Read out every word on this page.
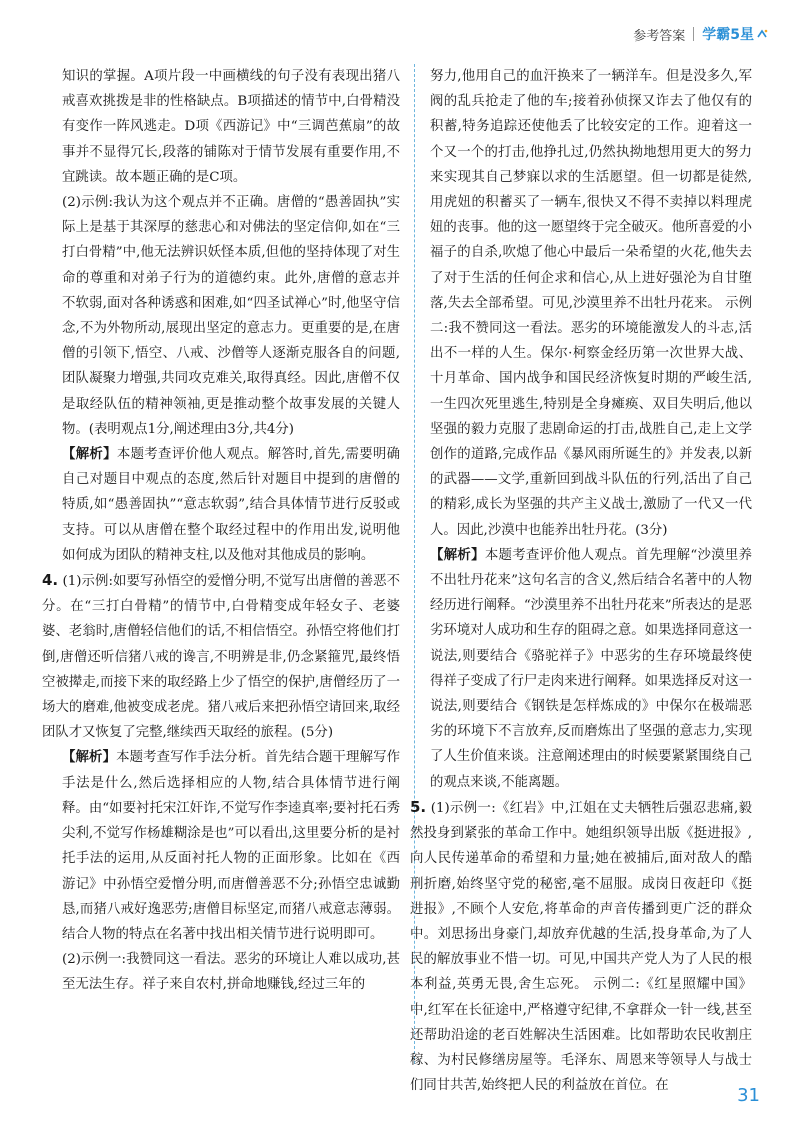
参考答案 学霸5星

知识的掌握。A项片段一中画横线的句子没有表现出猪八戒喜欢挑拨是非的性格缺点。B项描述的情节中,白骨精没有变作一阵风逃走。D项《西游记》中“三调芭蕉扇”的故事并不显得冗长,段落的铺陈对于情节发展有重要作用,不宜跳读。故本题正确的是C项。

(2)示例:我认为这个观点并不正确。唐僧的“愚善固执”实际上是基于其深厚的慈悲心和对佛法的坚定信仰,如在“三打白骨精”中,他无法辨识妖怪本质,但他的坚持体现了对生命的尊重和对弟子行为的道德约束。此外,唐僧的意志并不软弱,面对各种诱惑和困难,如“四圣试禅心”时,他坚守信念,不为外物所动,展现出坚定的意志力。更重要的是,在唐僧的引领下,悟空、八戒、沙僧等人逐渐克服各自的问题,团队凝聚力增强,共同攻克难关,取得真经。因此,唐僧不仅是取经队伍的精神领袖,更是推动整个故事发展的关键人物。(表明观点1分,阐述理由3分,共4分)

【解析】本题考查评价他人观点。解答时,首先,需要明确自己对题目中观点的态度,然后针对题目中提到的唐僧的特质,如“愚善固执”“意志软弱”,结合具体情节进行反驳或支持。可以从唐僧在整个取经过程中的作用出发,说明他如何成为团队的精神支柱,以及他对其他成员的影响。

4. (1)示例:如要写孙悟空的爱憎分明,不觉写出唐僧的善恶不分。在“三打白骨精”的情节中,白骨精变成年轻女子、老婆婆、老翁时,唐僧轻信他们的话,不相信悟空。孙悟空将他们打倒,唐僧还听信猪八戒的谗言,不明辨是非,仍念紧箍咒,最终悟空被撵走,而接下来的取经路上少了悟空的保护,唐僧经历了一场大的磨难,他被变成老虎。猪八戒后来把孙悟空请回来,取经团队才又恢复了完整,继续西天取经的旅程。(5分)

【解析】本题考查写作手法分析。首先结合题干理解写作手法是什么,然后选择相应的人物,结合具体情节进行阐释。由“如要衬托宋江奸诈,不觉写作李逵真率;要衬托石秀尖利,不觉写作杨雄糊涂是也”可以看出,这里要分析的是衬托手法的运用,从反面衬托人物的正面形象。比如在《西游记》中孙悟空爱憎分明,而唐僧善恶不分;孙悟空忠诚勤恳,而猪八戒好逸恶劳;唐僧目标坚定,而猪八戒意志薄弱。结合人物的特点在名著中找出相关情节进行说明即可。

(2)示例一:我赞同这一看法。恶劣的环境让人难以成功,甚至无法生存。祥子来自农村,拼命地赚钱,经过三年的

努力,他用自己的血汗换来了一辆洋车。但是没多久,军阀的乱兵抢走了他的车;接着孙侦探又诈去了他仅有的积蓄,特务追踪还使他丢了比较安定的工作。迎着这一个又一个的打击,他挣扎过,仍然执拗地想用更大的努力来实现其自己梦寐以求的生活愿望。但一切都是徒然,用虎妞的积蓄买了一辆车,很快又不得不卖掉以料理虎妞的丧事。他的这一愿望终于完全破灭。他所喜爱的小福子的自杀,吹熄了他心中最后一朵希望的火花,他失去了对于生活的任何企求和信心,从上进好强沦为自甘堕落,失去全部希望。可见,沙漠里养不出牡丹花来。 示例二:我不赞同这一看法。恶劣的环境能激发人的斗志,活出不一样的人生。保尔·柯察金经历第一次世界大战、十月革命、国内战争和国民经济恢复时期的严峻生活,一生四次死里逃生,特别是全身瘫痪、双目失明后,他以坚强的毅力克服了悲剧命运的打击,战胜自己,走上文学创作的道路,完成作品《暴风雨所诞生的》并发表,以新的武器——文学,重新回到战斗队伍的行列,活出了自己的精彩,成长为坚强的共产主义战士,激励了一代又一代人。因此,沙漠中也能养出牡丹花。(3分)

【解析】本题考查评价他人观点。首先理解“沙漠里养不出牡丹花来”这句名言的含义,然后结合名著中的人物经历进行阐释。“沙漠里养不出牡丹花来”所表达的是恶劣环境对人成功和生存的阻碍之意。如果选择同意这一说法,则要结合《骆驼祥子》中恶劣的生存环境最终使得祥子变成了行尸走肉来进行阐释。如果选择反对这一说法,则要结合《钢铁是怎样炼成的》中保尔在极端恶劣的环境下不言放弃,反而磨炼出了坚强的意志力,实现了人生价值来谈。注意阐述理由的时候要紧紧围绕自己的观点来谈,不能离题。

5. (1)示例一:《红岩》中,江姐在丈夫牺牲后强忍悲痛,毅然投身到紧张的革命工作中。她组织领导出版《挺进报》,向人民传递革命的希望和力量;她在被捕后,面对敌人的酷刑折磨,始终坚守党的秘密,毫不屈服。成岗日夜赶印《挺进报》,不顾个人安危,将革命的声音传播到更广泛的群众中。刘思扬出身豪门,却放弃优越的生活,投身革命,为了人民的解放事业不惜一切。可见,中国共产党人为了人民的根本利益,英勇无畏,舍生忘死。 示例二:《红星照耀中国》中,红军在长征途中,严格遵守纪律,不拿群众一针一线,甚至还帮助沿途的老百姓解决生活困难。比如帮助农民收割庄稼、为村民修缮房屋等。毛泽东、周恩来等领导人与战士们同甘共苦,始终把人民的利益放在首位。在	31
